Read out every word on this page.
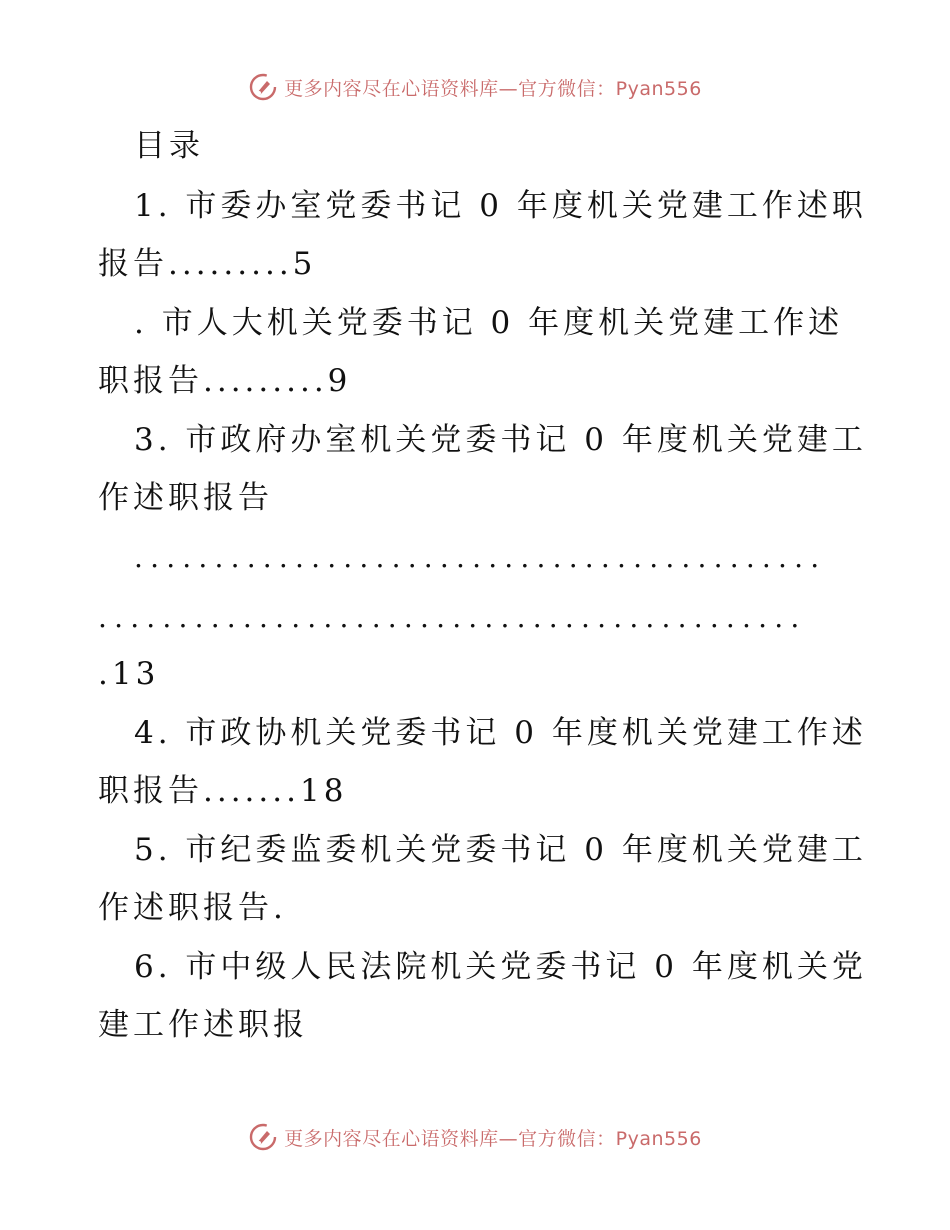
更多内容尽在心语资料库—官方微信：Pyan556
目录
1. 市委办室党委书记 0 年度机关党建工作述职
报告.........5
. 市人大机关党委书记 0 年度机关党建工作述
职报告.........9
3. 市政府办室机关党委书记 0 年度机关党建工
作述职报告
...........................................
............................................
.13
4. 市政协机关党委书记 0 年度机关党建工作述
职报告.......18
5. 市纪委监委机关党委书记 0 年度机关党建工
作述职报告.
6. 市中级人民法院机关党委书记 0 年度机关党
建工作述职报
更多内容尽在心语资料库—官方微信：Pyan556
